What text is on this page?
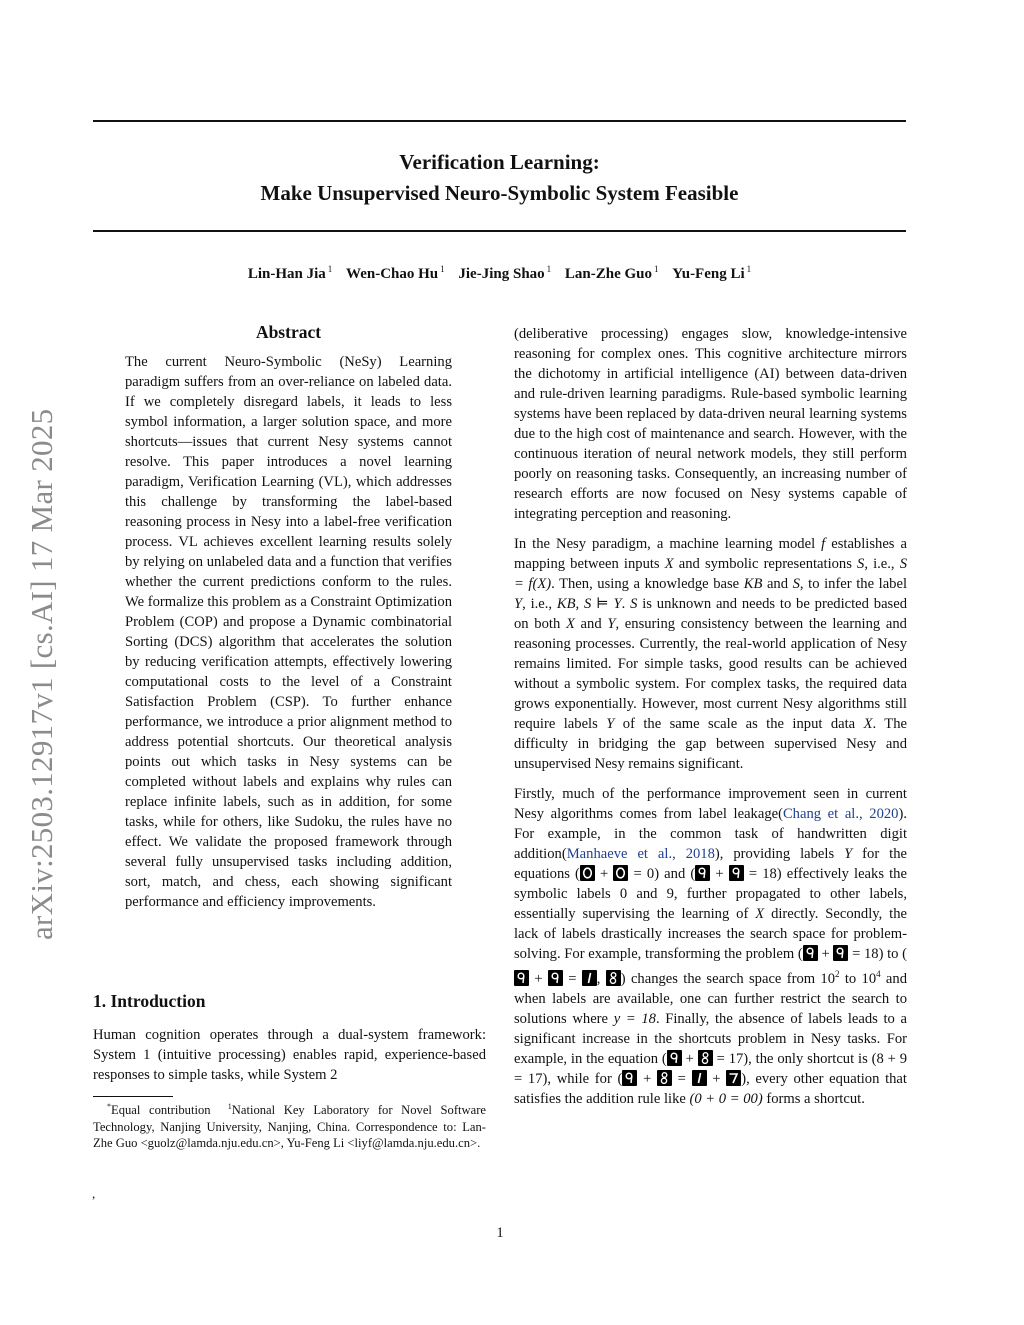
arXiv:2503.12917v1 [cs.AI] 17 Mar 2025
Verification Learning:
Make Unsupervised Neuro-Symbolic System Feasible
Lin-Han Jia $^1$ Wen-Chao Hu $^1$ Jie-Jing Shao $^1$ Lan-Zhe Guo $^1$ Yu-Feng Li $^1$
Abstract

The current Neuro-Symbolic (NeSy) Learning paradigm suffers from an over-reliance on labeled data. If we completely disregard labels, it leads to less symbol information, a larger solution space, and more shortcuts—issues that current Nesy systems cannot resolve. This paper introduces a novel learning paradigm, Verification Learning (VL), which addresses this challenge by transforming the label-based reasoning process in Nesy into a label-free verification process. VL achieves excellent learning results solely by relying on unlabeled data and a function that verifies whether the current predictions conform to the rules. We formalize this problem as a Constraint Optimization Problem (COP) and propose a Dynamic combinatorial Sorting (DCS) algorithm that accelerates the solution by reducing verification attempts, effectively lowering computational costs to the level of a Constraint Satisfaction Problem (CSP). To further enhance performance, we introduce a prior alignment method to address potential shortcuts. Our theoretical analysis points out which tasks in Nesy systems can be completed without labels and explains why rules can replace infinite labels, such as in addition, for some tasks, while for others, like Sudoku, the rules have no effect. We validate the proposed framework through several fully unsupervised tasks including addition, sort, match, and chess, each showing significant performance and efficiency improvements.

1. Introduction

Human cognition operates through a dual-system framework: System 1 (intuitive processing) enables rapid, experience-based responses to simple tasks, while System 2

*Equal contribution $^1$National Key Laboratory for Novel Software Technology, Nanjing University, Nanjing, China. Correspondence to: Lan-Zhe Guo <guolz@lamda.nju.edu.cn>, Yu-Feng Li <liyf@lamda.nju.edu.cn>.

,

(deliberative processing) engages slow, knowledge-intensive reasoning for complex ones. This cognitive architecture mirrors the dichotomy in artificial intelligence (AI) between data-driven and rule-driven learning paradigms. Rule-based symbolic learning systems have been replaced by data-driven neural learning systems due to the high cost of maintenance and search. However, with the continuous iteration of neural network models, they still perform poorly on reasoning tasks. Consequently, an increasing number of research efforts are now focused on Nesy systems capable of integrating perception and reasoning.

In the Nesy paradigm, a machine learning model f establishes a mapping between inputs X and symbolic representations S, i.e., S = f(X). Then, using a knowledge base KB and S, to infer the label Y, i.e., KB, S ⊨ Y. S is unknown and needs to be predicted based on both X and Y, ensuring consistency between the learning and reasoning processes. Currently, the real-world application of Nesy remains limited. For simple tasks, good results can be achieved without a symbolic system. For complex tasks, the required data grows exponentially. However, most current Nesy algorithms still require labels Y of the same scale as the input data X. The difficulty in bridging the gap between supervised Nesy and unsupervised Nesy remains significant.

Firstly, much of the performance improvement seen in current Nesy algorithms comes from label leakage(Chang et al., 2020). For example, in the common task of handwritten digit addition(Manhaeve et al., 2018), providing labels Y for the equations ( + = 0) and ( + = 18) effectively leaks the symbolic labels 0 and 9, further propagated to other labels, essentially supervising the learning of X directly. Secondly, the lack of labels drastically increases the search space for problem-solving. For example, transforming the problem ( + = 18) to (
+ = , ) changes the search space from $10^2$ to $10^4$ and when labels are available, one can further restrict the search to solutions where y = 18. Finally, the absence of labels leads to a significant increase in the shortcuts problem in Nesy tasks. For example, in the equation ( + = 17), the only shortcut is (8 + 9 = 17), while for ( + = + ), every other equation that satisfies the addition rule like (0 + 0 = 00) forms a shortcut.

1
